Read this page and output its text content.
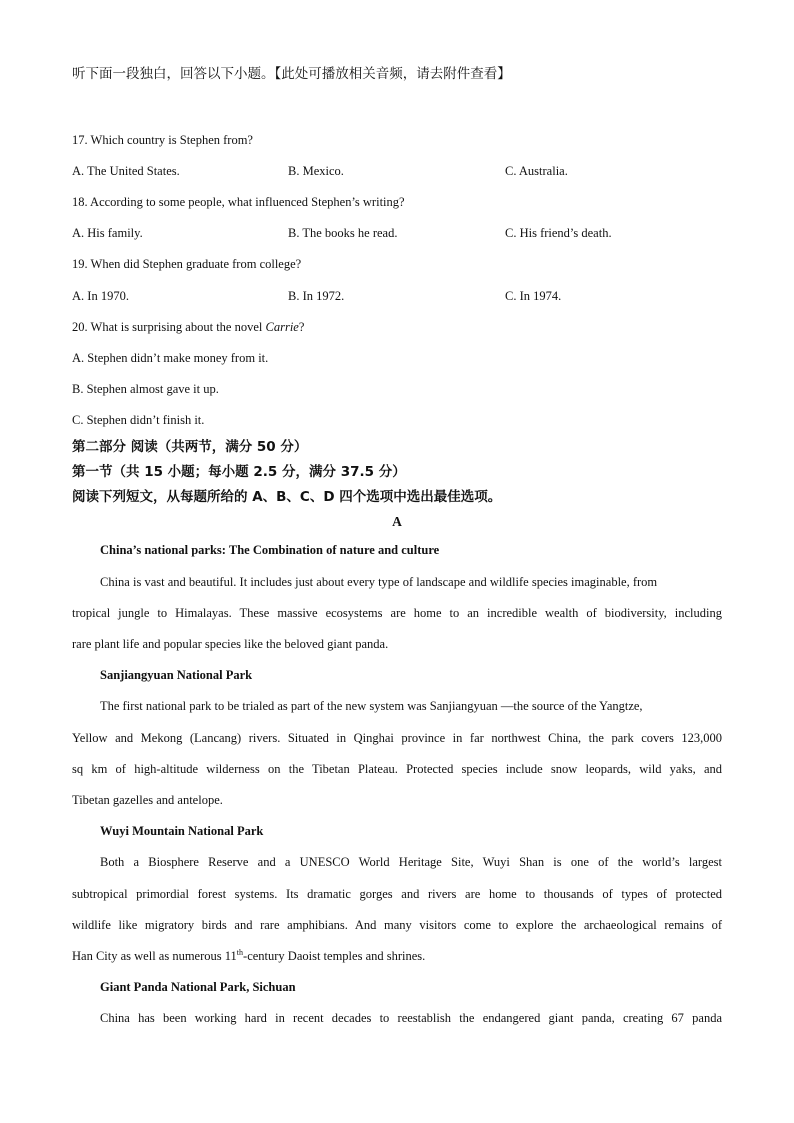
听下面一段独白，回答以下小题。【此处可播放相关音频，请去附件查看】
17. Which country is Stephen from?
A. The United States.	B. Mexico.	C. Australia.
18. According to some people, what influenced Stephen’s writing?
A. His family.	B. The books he read.	C. His friend’s death.
19. When did Stephen graduate from college?
A. In 1970.	B. In 1972.	C. In 1974.
20. What is surprising about the novel Carrie?
A. Stephen didn’t make money from it.
B. Stephen almost gave it up.
C. Stephen didn’t finish it.
第二部分 阅读（共两节，满分 50 分）
第一节（共 15 小题；每小题 2.5 分，满分 37.5 分）
阅读下列短文，从每题所给的 A、B、C、D 四个选项中选出最佳选项。
A
China’s national parks: The Combination of nature and culture
China is vast and beautiful. It includes just about every type of landscape and wildlife species imaginable, from
tropical jungle to Himalayas. These massive ecosystems are home to an incredible wealth of biodiversity, including
rare plant life and popular species like the beloved giant panda.
Sanjiangyuan National Park
The first national park to be trialed as part of the new system was Sanjiangyuan —the source of the Yangtze,
Yellow and Mekong (Lancang) rivers. Situated in Qinghai province in far northwest China, the park covers 123,000
sq km of high-altitude wilderness on the Tibetan Plateau. Protected species include snow leopards, wild yaks, and
Tibetan gazelles and antelope.
Wuyi Mountain National Park
Both a Biosphere Reserve and a UNESCO World Heritage Site, Wuyi Shan is one of the world’s largest
subtropical primordial forest systems. Its dramatic gorges and rivers are home to thousands of types of protected
wildlife like migratory birds and rare amphibians. And many visitors come to explore the archaeological remains of
Han City as well as numerous 11th-century Daoist temples and shrines.
Giant Panda National Park, Sichuan
China has been working hard in recent decades to reestablish the endangered giant panda, creating 67 panda
